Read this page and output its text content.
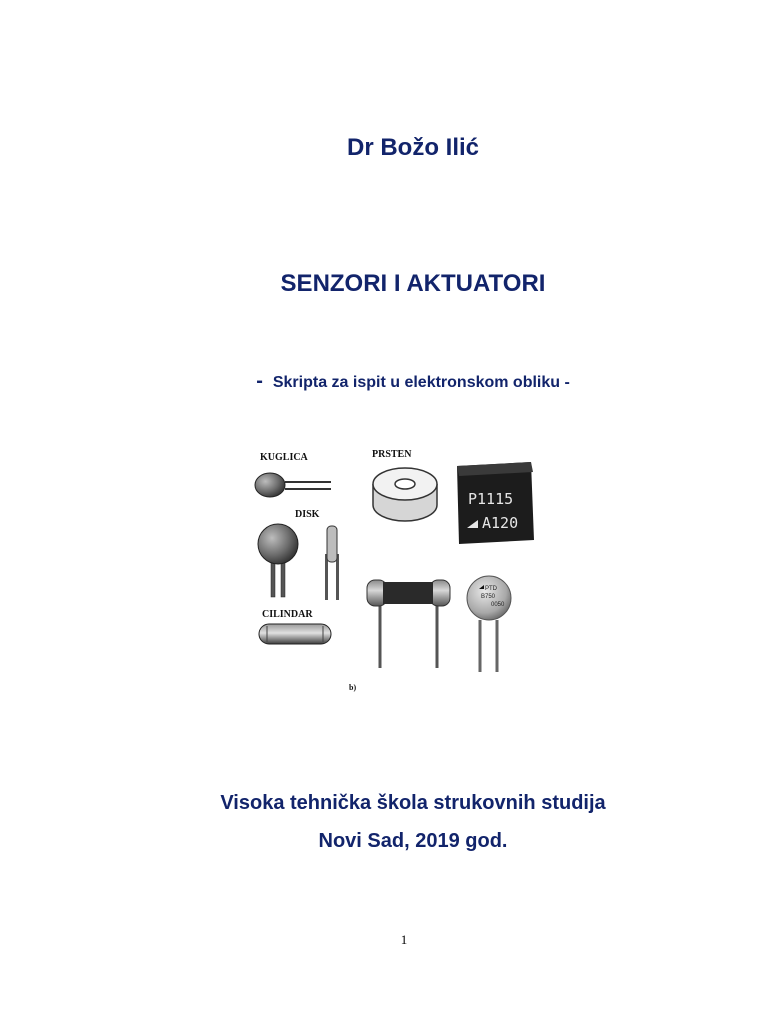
Dr Božo Ilić
SENZORI I AKTUATORI
- Skripta za ispit u elektronskom obliku -
KUGLICA	PRSTEN
P1115
A120
DISK
PTD
B750
0050
CILINDAR
b)
Visoka tehnička škola strukovnih studija
Novi Sad, 2019 god.
1
